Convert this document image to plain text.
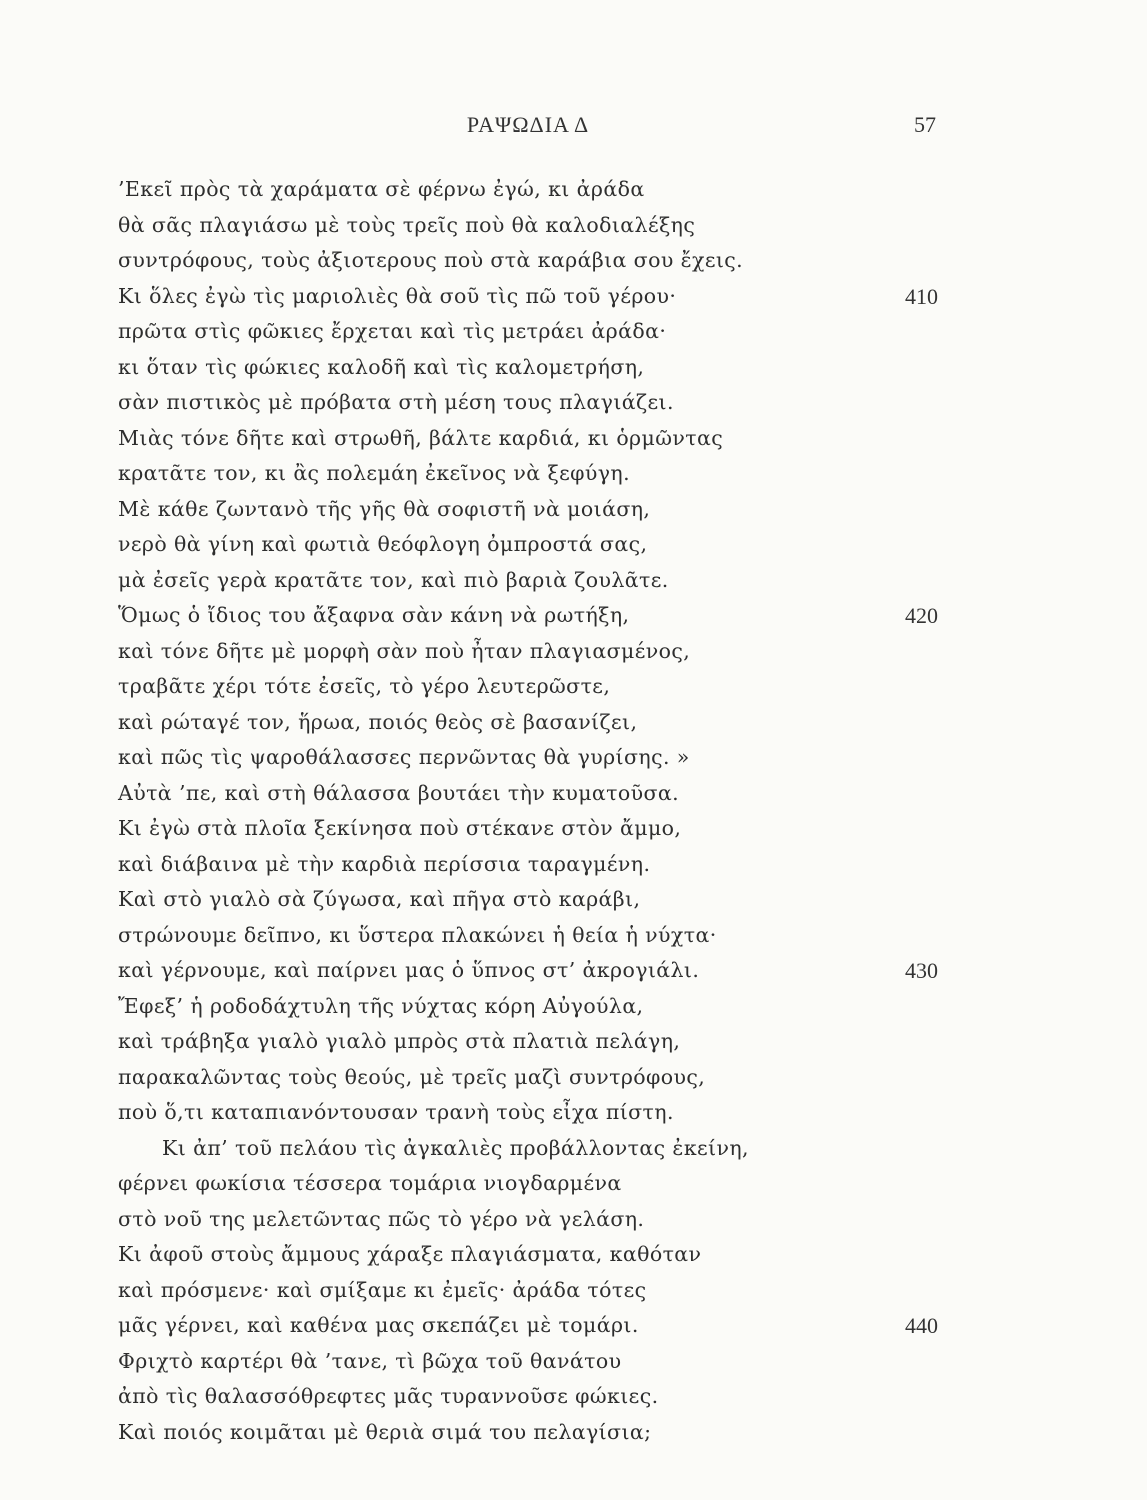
ΡΑΨΩΔΙΑ Δ	57
’Εκεῖ πρὸς τὰ χαράματα σὲ φέρνω ἐγώ, κι ἀράδα
θὰ σᾶς πλαγιάσω μὲ τοὺς τρεῖς ποὺ θὰ καλοδιαλέξης
συντρόφους, τοὺς ἀξιοτερους ποὺ στὰ καράβια σου ἔχεις.
Κι ὅλες ἐγὼ τὶς μαριολιὲς θὰ σοῦ τὶς πῶ τοῦ γέρου·	410
πρῶτα στὶς φῶκιες ἔρχεται καὶ τὶς μετράει ἀράδα·
κι ὅταν τὶς φώκιες καλοδῆ καὶ τὶς καλομετρήση,
σὰν πιστικὸς μὲ πρόβατα στὴ μέση τους πλαγιάζει.
Μιὰς τόνε δῆτε καὶ στρωθῆ, βάλτε καρδιά, κι ὁρμῶντας
κρατᾶτε τον, κι ἂς πολεμάη ἐκεῖνος νὰ ξεφύγη.
Μὲ κάθε ζωντανὸ τῆς γῆς θὰ σοφιστῆ νὰ μοιάση,
νερὸ θὰ γίνη καὶ φωτιὰ θεόφλογη ὀμπροστά σας,
μὰ ἐσεῖς γερὰ κρατᾶτε τον, καὶ πιὸ βαριὰ ζουλᾶτε.
Ὅμως ὁ ἴδιος του ἄξαφνα σὰν κάνη νὰ ρωτήξη,	420
καὶ τόνε δῆτε μὲ μορφὴ σὰν ποὺ ἦταν πλαγιασμένος,
τραβᾶτε χέρι τότε ἐσεῖς, τὸ γέρο λευτερῶστε,
καὶ ρώταγέ τον, ἥρωα, ποιός θεὸς σὲ βασανίζει,
καὶ πῶς τὶς ψαροθάλασσες περνῶντας θὰ γυρίσης. »
Αὐτὰ ’πε, καὶ στὴ θάλασσα βουτάει τὴν κυματοῦσα.
Κι ἐγὼ στὰ πλοῖα ξεκίνησα ποὺ στέκανε στὸν ἄμμο,
καὶ διάβαινα μὲ τὴν καρδιὰ περίσσια ταραγμένη.
Καὶ στὸ γιαλὸ σὰ ζύγωσα, καὶ πῆγα στὸ καράβι,
στρώνουμε δεῖπνο, κι ὕστερα πλακώνει ἡ θεία ἡ νύχτα·
καὶ γέρνουμε, καὶ παίρνει μας ὁ ὕπνος στ’ ἀκρογιάλι.	430
Ἔφεξ’ ἡ ροδοδάχτυλη τῆς νύχτας κόρη Αὐγούλα,
καὶ τράβηξα γιαλὸ γιαλὸ μπρὸς στὰ πλατιὰ πελάγη,
παρακαλῶντας τοὺς θεούς, μὲ τρεῖς μαζὶ συντρόφους,
ποὺ ὅ,τι καταπιανόντουσαν τρανὴ τοὺς εἶχα πίστη.
Κι ἀπ’ τοῦ πελάου τὶς ἀγκαλιὲς προβάλλοντας ἐκείνη,
φέρνει φωκίσια τέσσερα τομάρια νιογδαρμένα
στὸ νοῦ της μελετῶντας πῶς τὸ γέρο νὰ γελάση.
Κι ἀφοῦ στοὺς ἄμμους χάραξε πλαγιάσματα, καθόταν
καὶ πρόσμενε· καὶ σμίξαμε κι ἐμεῖς· ἀράδα τότες
μᾶς γέρνει, καὶ καθένα μας σκεπάζει μὲ τομάρι.	440
Φριχτὸ καρτέρι θὰ ’τανε, τὶ βῶχα τοῦ θανάτου
ἀπὸ τὶς θαλασσόθρεφτες μᾶς τυραννοῦσε φώκιες.
Καὶ ποιός κοιμᾶται μὲ θεριὰ σιμά του πελαγίσια;
